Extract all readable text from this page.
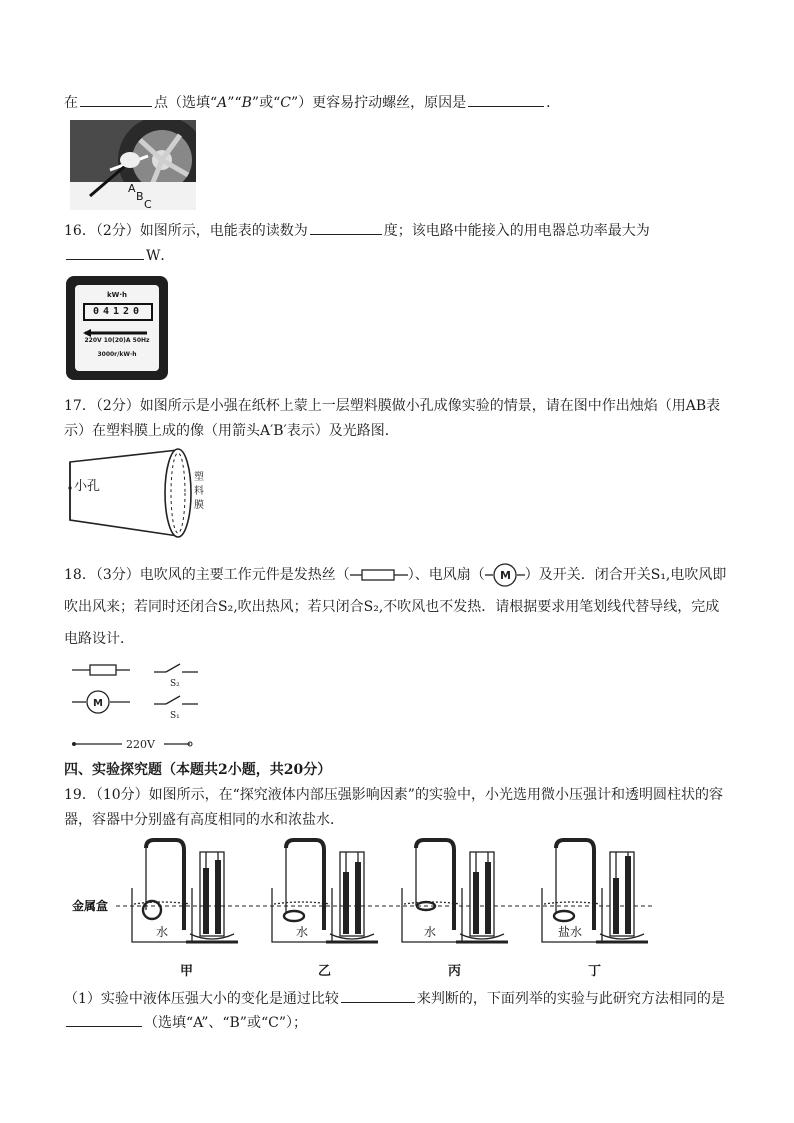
在	点（选填“A”“B”或“C”）更容易拧动螺丝，原因是	．
A
B
C
16．（2分）如图所示，电能表的读数为	度；该电路中能接入的用电器总功率最大为
W．
kW·h
04120
220V 10(20)A 50Hz
3000r/kW·h
17．（2分）如图所示是小强在纸杯上蒙上一层塑料膜做小孔成像实验的情景，请在图中作出烛焰（用AB表
示）在塑料膜上成的像（用箭头A′B′表示）及光路图．
小孔
塑
料
膜
18．（3分）电吹风的主要工作元件是发热丝（	）、电风扇（ M ）及开关．闭合开关S₁,电吹风即
吹出风来；若同时还闭合S₂,吹出热风；若只闭合S₂,不吹风也不发热．请根据要求用笔划线代替导线，完成
电路设计．
M
S₂
S₁
220V
四、实验探究题（本题共2小题，共20分）
19．（10分）如图所示，在“探究液体内部压强影响因素”的实验中，小光选用微小压强计和透明圆柱状的容
器，容器中分别盛有高度相同的水和浓盐水．
金属盒
水	水	水	盐水
甲	乙	丙	丁
（1）实验中液体压强大小的变化是通过比较	来判断的，下面列举的实验与此研究方法相同的是
（选填“A”、“B”或“C”）；
